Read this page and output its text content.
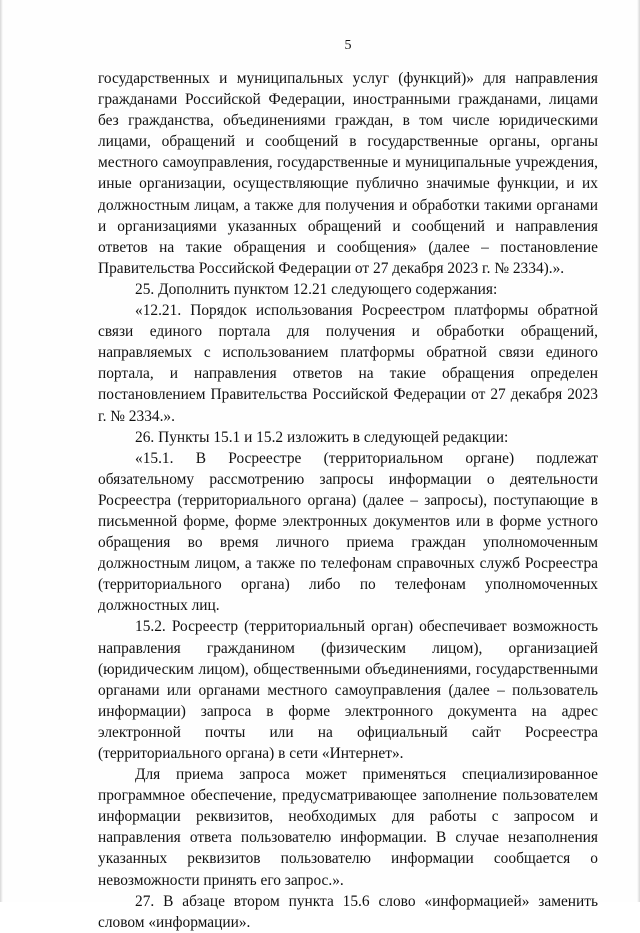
5

государственных и муниципальных услуг (функций)» для направления гражданами Российской Федерации, иностранными гражданами, лицами без гражданства, объединениями граждан, в том числе юридическими лицами, обращений и сообщений в государственные органы, органы местного самоуправления, государственные и муниципальные учреждения, иные организации, осуществляющие публично значимые функции, и их должностным лицам, а также для получения и обработки такими органами и организациями указанных обращений и сообщений и направления ответов на такие обращения и сообщения» (далее – постановление Правительства Российской Федерации от 27 декабря 2023 г. № 2334).».

25. Дополнить пунктом 12.21 следующего содержания:

«12.21. Порядок использования Росреестром платформы обратной связи единого портала для получения и обработки обращений, направляемых с использованием платформы обратной связи единого портала, и направления ответов на такие обращения определен постановлением Правительства Российской Федерации от 27 декабря 2023 г. № 2334.».

26. Пункты 15.1 и 15.2 изложить в следующей редакции:

«15.1. В Росреестре (территориальном органе) подлежат обязательному рассмотрению запросы информации о деятельности Росреестра (территориального органа) (далее – запросы), поступающие в письменной форме, форме электронных документов или в форме устного обращения во время личного приема граждан уполномоченным должностным лицом, а также по телефонам справочных служб Росреестра (территориального органа) либо по телефонам уполномоченных должностных лиц.

15.2. Росреестр (территориальный орган) обеспечивает возможность направления гражданином (физическим лицом), организацией (юридическим лицом), общественными объединениями, государственными органами или органами местного самоуправления (далее – пользователь информации) запроса в форме электронного документа на адрес электронной почты или на официальный сайт Росреестра (территориального органа) в сети «Интернет».

Для приема запроса может применяться специализированное программное обеспечение, предусматривающее заполнение пользователем информации реквизитов, необходимых для работы с запросом и направления ответа пользователю информации. В случае незаполнения указанных реквизитов пользователю информации сообщается о невозможности принять его запрос.».

27. В абзаце втором пункта 15.6 слово «информацией» заменить словом «информации».
